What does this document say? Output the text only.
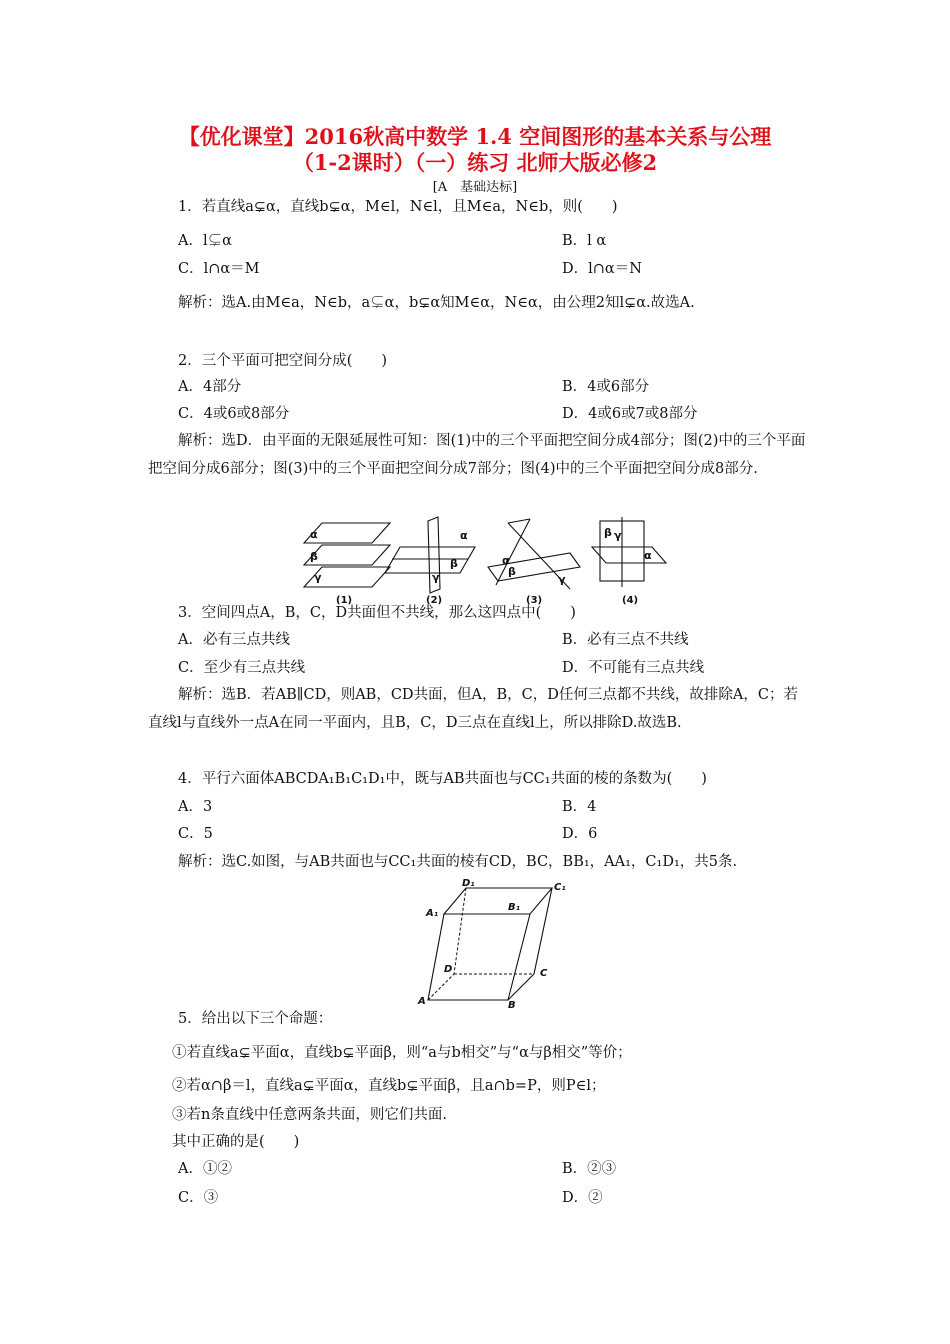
【优化课堂】2016秋高中数学 1.4 空间图形的基本关系与公理
（1-2课时）（一）练习 北师大版必修2
[A　基础达标]
1．若直线a⊊α，直线b⊊α，M∈l，N∈l，且M∈a，N∈b，则(　　)
A．l⊊α	B．l α
C．l∩α＝M	D．l∩α＝N
解析：选A.由M∈a，N∈b，a⊊α，b⊊α知M∈α，N∈α，由公理2知l⊊α.故选A.
2．三个平面可把空间分成(　　)
A．4部分	B．4或6部分
C．4或6或8部分	D．4或6或7或8部分
解析：选D．由平面的无限延展性可知：图(1)中的三个平面把空间分成4部分；图(2)中的三个平面把空间分成6部分；图(3)中的三个平面把空间分成7部分；图(4)中的三个平面把空间分成8部分.
α
β
γ
α
β
γ
α
β
γ
β γ
α
(1)	(2)	(3)	(4)
3．空间四点A，B，C，D共面但不共线，那么这四点中(　　)
A．必有三点共线	B．必有三点不共线
C．至少有三点共线	D．不可能有三点共线
解析：选B．若AB∥CD，则AB，CD共面，但A，B，C，D任何三点都不共线，故排除A，C；若直线l与直线外一点A在同一平面内，且B，C，D三点在直线l上，所以排除D.故选B.
4．平行六面体ABCDA₁B₁C₁D₁中，既与AB共面也与CC₁共面的棱的条数为(　　)
A．3	B．4
C．5	D．6
解析：选C.如图，与AB共面也与CC₁共面的棱有CD，BC，BB₁，AA₁，C₁D₁，共5条.
A	B
C
D
A₁
B₁
C₁
D₁
5．给出以下三个命题：
①若直线a⊊平面α，直线b⊊平面β，则“a与b相交”与“α与β相交”等价；
②若α∩β＝l，直线a⊊平面α，直线b⊊平面β，且a∩b=P，则P∈l；
③若n条直线中任意两条共面，则它们共面.
其中正确的是(　　)
A．①②	B．②③
C．③	D．②
